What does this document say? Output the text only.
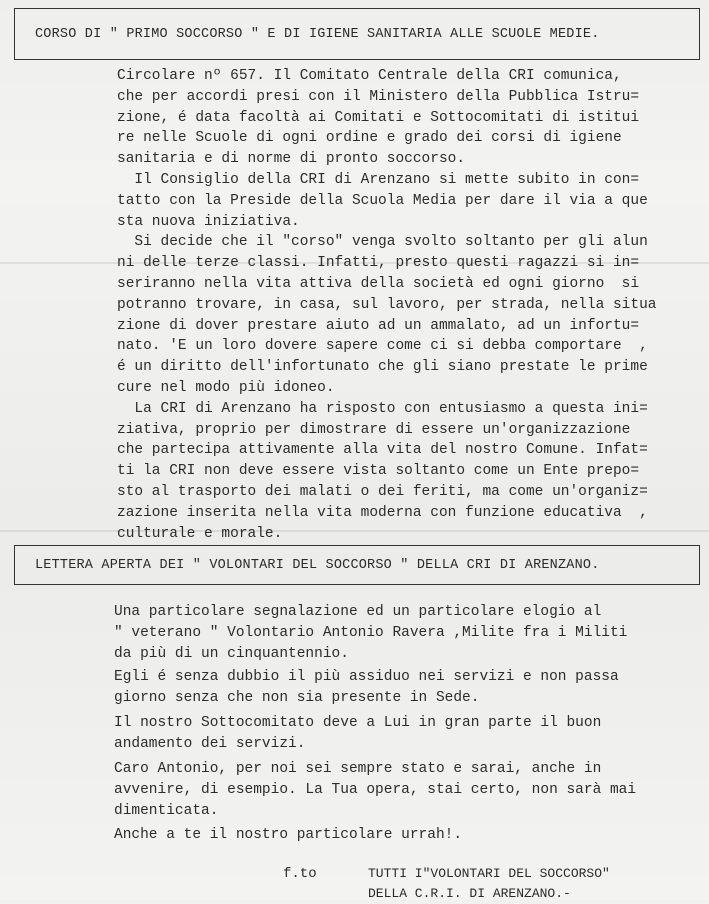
CORSO DI " PRIMO SOCCORSO " E DI IGIENE SANITARIA ALLE SCUOLE MEDIE.
Circolare nº 657. Il Comitato Centrale della CRI comunica,
che per accordi presi con il Ministero della Pubblica Istru=
zione, é data facoltà ai Comitati e Sottocomitati di istitui
re nelle Scuole di ogni ordine e grado dei corsi di igiene
sanitaria e di norme di pronto soccorso.
Il Consiglio della CRI di Arenzano si mette subito in con=
tatto con la Preside della Scuola Media per dare il via a que
sta nuova iniziativa.
Si decide che il "corso" venga svolto soltanto per gli alun
ni delle terze classi. Infatti, presto questi ragazzi si in=
seriranno nella vita attiva della società ed ogni giorno  si
potranno trovare, in casa, sul lavoro, per strada, nella situa
zione di dover prestare aiuto ad un ammalato, ad un infortu=
nato. 'E un loro dovere sapere come ci si debba comportare  ,
é un diritto dell'infortunato che gli siano prestate le prime
cure nel modo più idoneo.
La CRI di Arenzano ha risposto con entusiasmo a questa ini=
ziativa, proprio per dimostrare di essere un'organizzazione
che partecipa attivamente alla vita del nostro Comune. Infat=
ti la CRI non deve essere vista soltanto come un Ente prepo=
sto al trasporto dei malati o dei feriti, ma come un'organiz=
zazione inserita nella vita moderna con funzione educativa  ,
culturale e morale.
LETTERA APERTA DEI " VOLONTARI DEL SOCCORSO " DELLA CRI DI ARENZANO.
Una particolare segnalazione ed un particolare elogio al
" veterano " Volontario Antonio Ravera ,Milite fra i Militi
da più di un cinquantennio.
Egli é senza dubbio il più assiduo nei servizi e non passa
giorno senza che non sia presente in Sede.
Il nostro Sottocomitato deve a Lui in gran parte il buon
andamento dei servizi.
Caro Antonio, per noi sei sempre stato e sarai, anche in
avvenire, di esempio. La Tua opera, stai certo, non sarà mai
dimenticata.
Anche a te il nostro particolare urrah!.
f.to	TUTTI I"VOLONTARI DEL SOCCORSO"
DELLA C.R.I. DI ARENZANO.-
